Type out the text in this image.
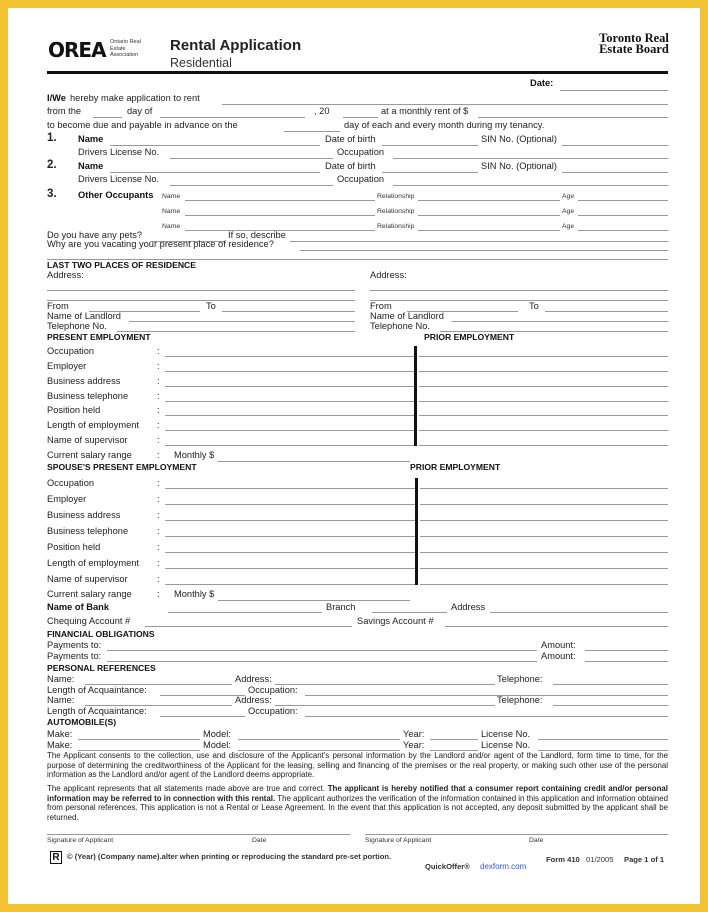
OREA Ontario Real Estate Association
Rental Application
Residential
Toronto Real Estate Board
The Applicant consents to the collection, use and disclosure of the Applicant's personal information by the Landlord and/or agent of the Landlord, form time to time, for the purpose of determining the creditworthiness of the Applicant for the leasing, selling and financing of the premises or the real property, or making such other use of the personal information as the Landlord and/or agent of the Landlord deems appropriate.
The applicant represents that all statements made above are true and correct. The applicant is hereby notified that a consumer report containing credit and/or personal information may be referred to in connection with this rental. The applicant authorizes the verification of the information contained in this application and information obtained from personal references. This application is not a Rental or Lease Agreement. In the event that this application is not accepted, any deposit submitted by the applicant shall be returned.
R
Date:
I/We hereby make application to rent
from the	day of	, 20	at a monthly rent of $
to become due and payable in advance on the	day of each and every month during my tenancy.
1. Name	Date of birth	SIN No. (Optional)
Drivers License No.	Occupation
2. Name	Date of birth	SIN No. (Optional)
Drivers License No.	Occupation
3. Other Occupants Name	Relationship	Age
Name	Relationship	Age
Name	Relationship	Age
Do you have any pets?	If so, describe
Why are you vacating your present place of residence?
LAST TWO PLACES OF RESIDENCE
Address:
From	To
Name of Landlord
Telephone No.
Address:
From	To
Name of Landlord
Telephone No.
PRESENT EMPLOYMENT	PRIOR EMPLOYMENT
Occupation	:
Employer	:
Business address	:
Business telephone	:
Position held	:
Length of employment :
Name of supervisor	:
Current salary range	: Monthly $
SPOUSE'S PRESENT EMPLOYMENT	PRIOR EMPLOYMENT
Occupation	:
Employer	:
Business address	:
Business telephone	:
Position held	:
Length of employment :
Name of supervisor	:
Current salary range	: Monthly $
Name of Bank	Branch	Address
Chequing Account #	Savings Account #
FINANCIAL OBLIGATIONS
Payments to:	Amount:
Payments to:	Amount:
PERSONAL REFERENCES
Name:	Address:	Telephone:
Length of Acquaintance:	Occupation:
Name:	Address:	Telephone:
Length of Acquaintance:	Occupation:
AUTOMOBILE(S)
Make:	Model:	Year:	License No.
Make:	Model:	Year:	License No.
Signature of Applicant	Date	Signature of Applicant	Date
© (Year) (Company name).alter when printing or reproducing the standard pre-set portion.
QuickOffer® dexform.com
Form 410 01/2005 Page 1 of 1
